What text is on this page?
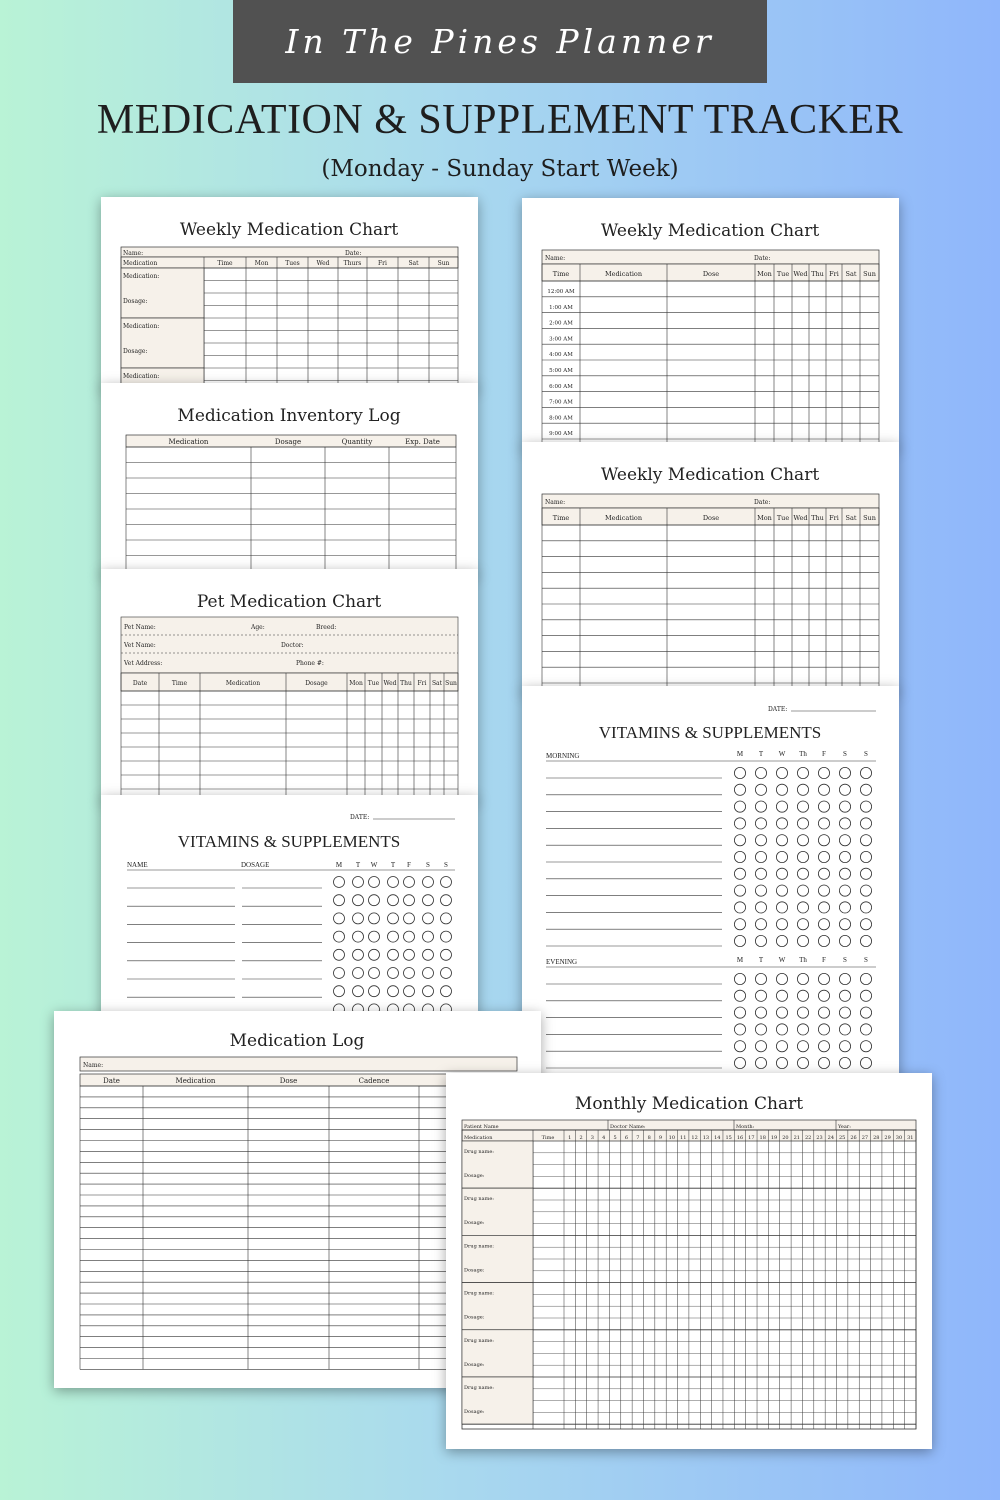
In The Pines Planner
MEDICATION & SUPPLEMENT TRACKER
(Monday - Sunday Start Week)
Weekly Medication Chart
Name:	Date:
Time	Medication	Dose	Mon Tue Wed Thu Fri Sat Sun
12:00 AM
1:00 AM
2:00 AM
3:00 AM
4:00 AM
5:00 AM
6:00 AM
7:00 AM
8:00 AM
9:00 AM
Weekly Medication Chart
Name:	Date:
Time	Medication	Dose	Mon Tue Wed Thu Fri Sat Sun
DATE:
VITAMINS & SUPPLEMENTS
MORNING	M T W Th F S S
EVENING	M T W Th F S S
Weekly Medication Chart
Name:	Date:
Medication	Time	Mon	Tues	Wed Thurs	Fri	Sat	Sun
Medication:
Dosage:
Medication:
Dosage:
Medication:
Medication Inventory Log
Medication	Dosage	Quantity	Exp. Date
Pet Medication Chart
Pet Name:	Age:	Breed:
Vet Name:	Doctor:
Vet Address:	Phone #:
Date	Time	Medication	Dosage	Mon Tue Wed Thu Fri Sat Sun
DATE:
VITAMINS & SUPPLEMENTS
NAME	DOSAGE	M T W T F S S
Medication Log
Name:
Date	Medication	Dose	Cadence
Monthly Medication Chart
Patient Name	Doctor Name:	Month:	Year:
Medication	Time	1 2 3 4 5 6 7 8 9 10 11 12 13 14 15 16 17 18 19 20 21 22 23 24 25 26 27 28 29 30 31
Drug name:
Dosage:
Drug name:
Dosage:
Drug name:
Dosage:
Drug name:
Dosage:
Drug name:
Dosage:
Drug name:
Dosage:
